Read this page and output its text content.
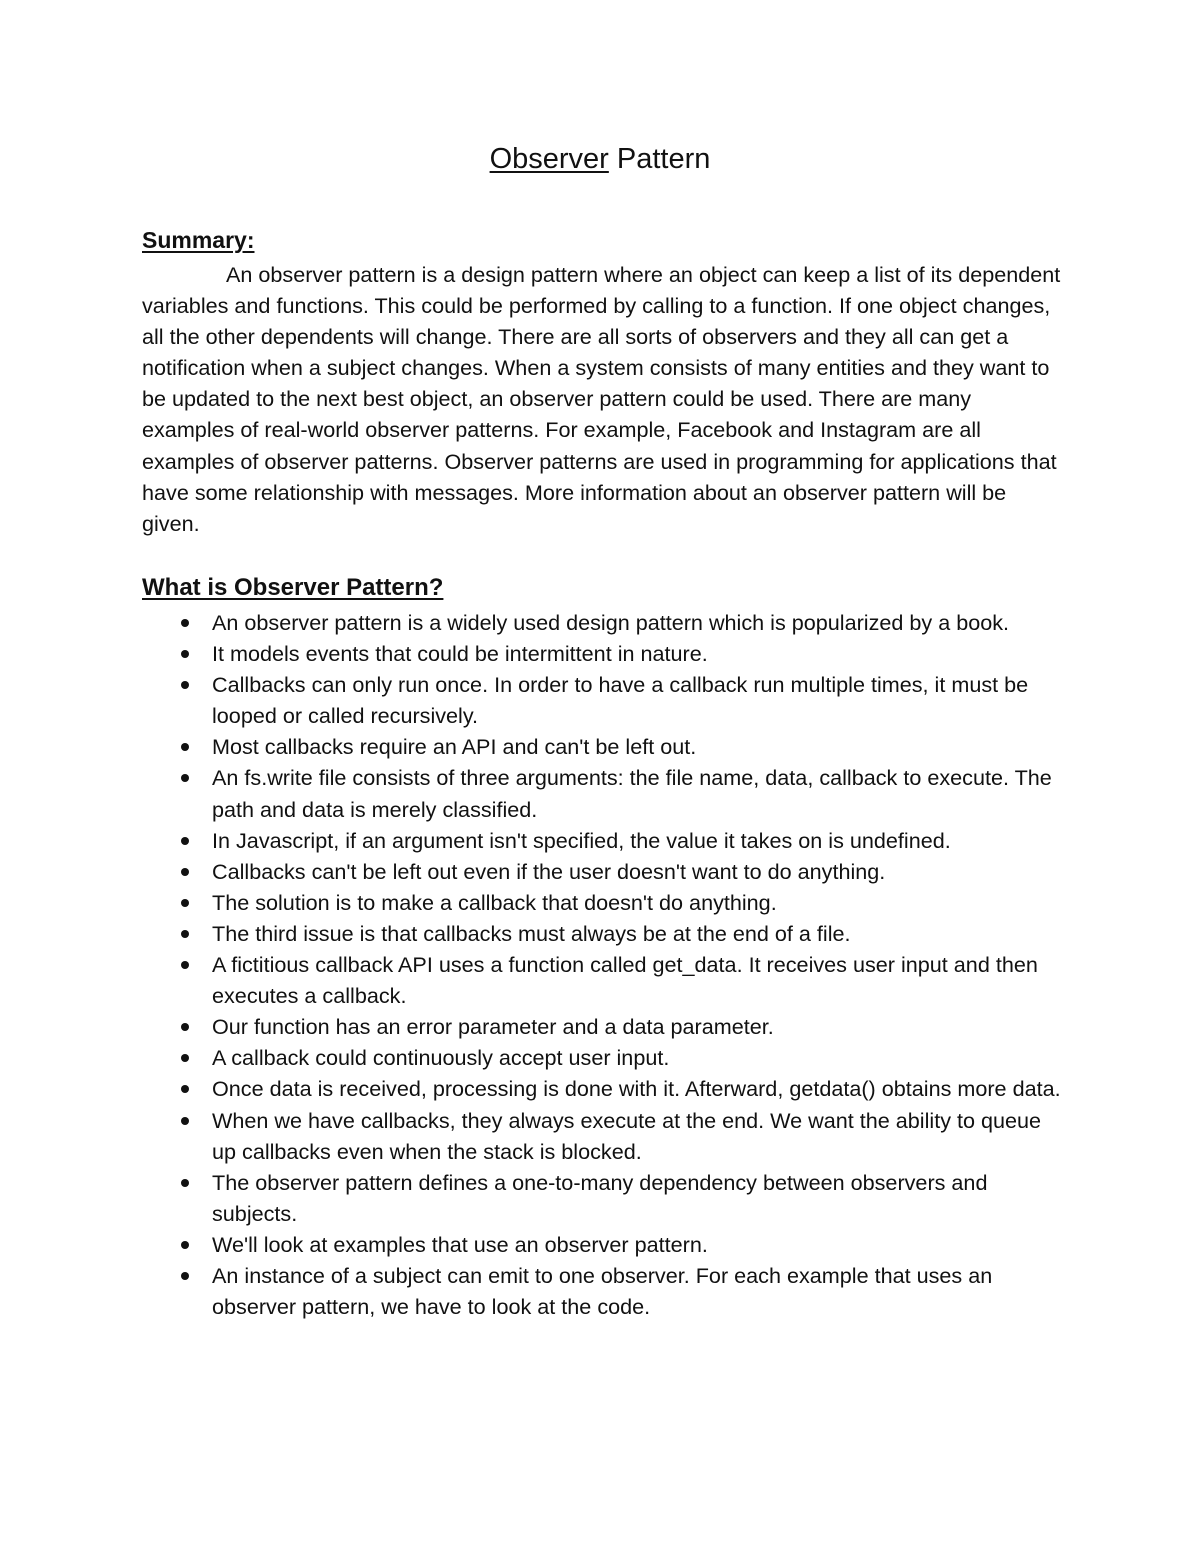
Observer Pattern
Summary:

An observer pattern is a design pattern where an object can keep a list of its dependent variables and functions. This could be performed by calling to a function. If one object changes, all the other dependents will change. There are all sorts of observers and they all can get a notification when a subject changes. When a system consists of many entities and they want to be updated to the next best object, an observer pattern could be used. There are many examples of real-world observer patterns. For example, Facebook and Instagram are all examples of observer patterns. Observer patterns are used in programming for applications that have some relationship with messages. More information about an observer pattern will be given.

What is Observer Pattern?
An observer pattern is a widely used design pattern which is popularized by a book.
It models events that could be intermittent in nature.
Callbacks can only run once. In order to have a callback run multiple times, it must be looped or called recursively.
Most callbacks require an API and can't be left out.
An fs.write file consists of three arguments: the file name, data, callback to execute. The path and data is merely classified.
In Javascript, if an argument isn't specified, the value it takes on is undefined.
Callbacks can't be left out even if the user doesn't want to do anything.
The solution is to make a callback that doesn't do anything.
The third issue is that callbacks must always be at the end of a file.
A fictitious callback API uses a function called get_data. It receives user input and then executes a callback.
Our function has an error parameter and a data parameter.
A callback could continuously accept user input.
Once data is received, processing is done with it. Afterward, getdata() obtains more data.
When we have callbacks, they always execute at the end. We want the ability to queue up callbacks even when the stack is blocked.
The observer pattern defines a one-to-many dependency between observers and subjects.
We'll look at examples that use an observer pattern.
An instance of a subject can emit to one observer. For each example that uses an observer pattern, we have to look at the code.
